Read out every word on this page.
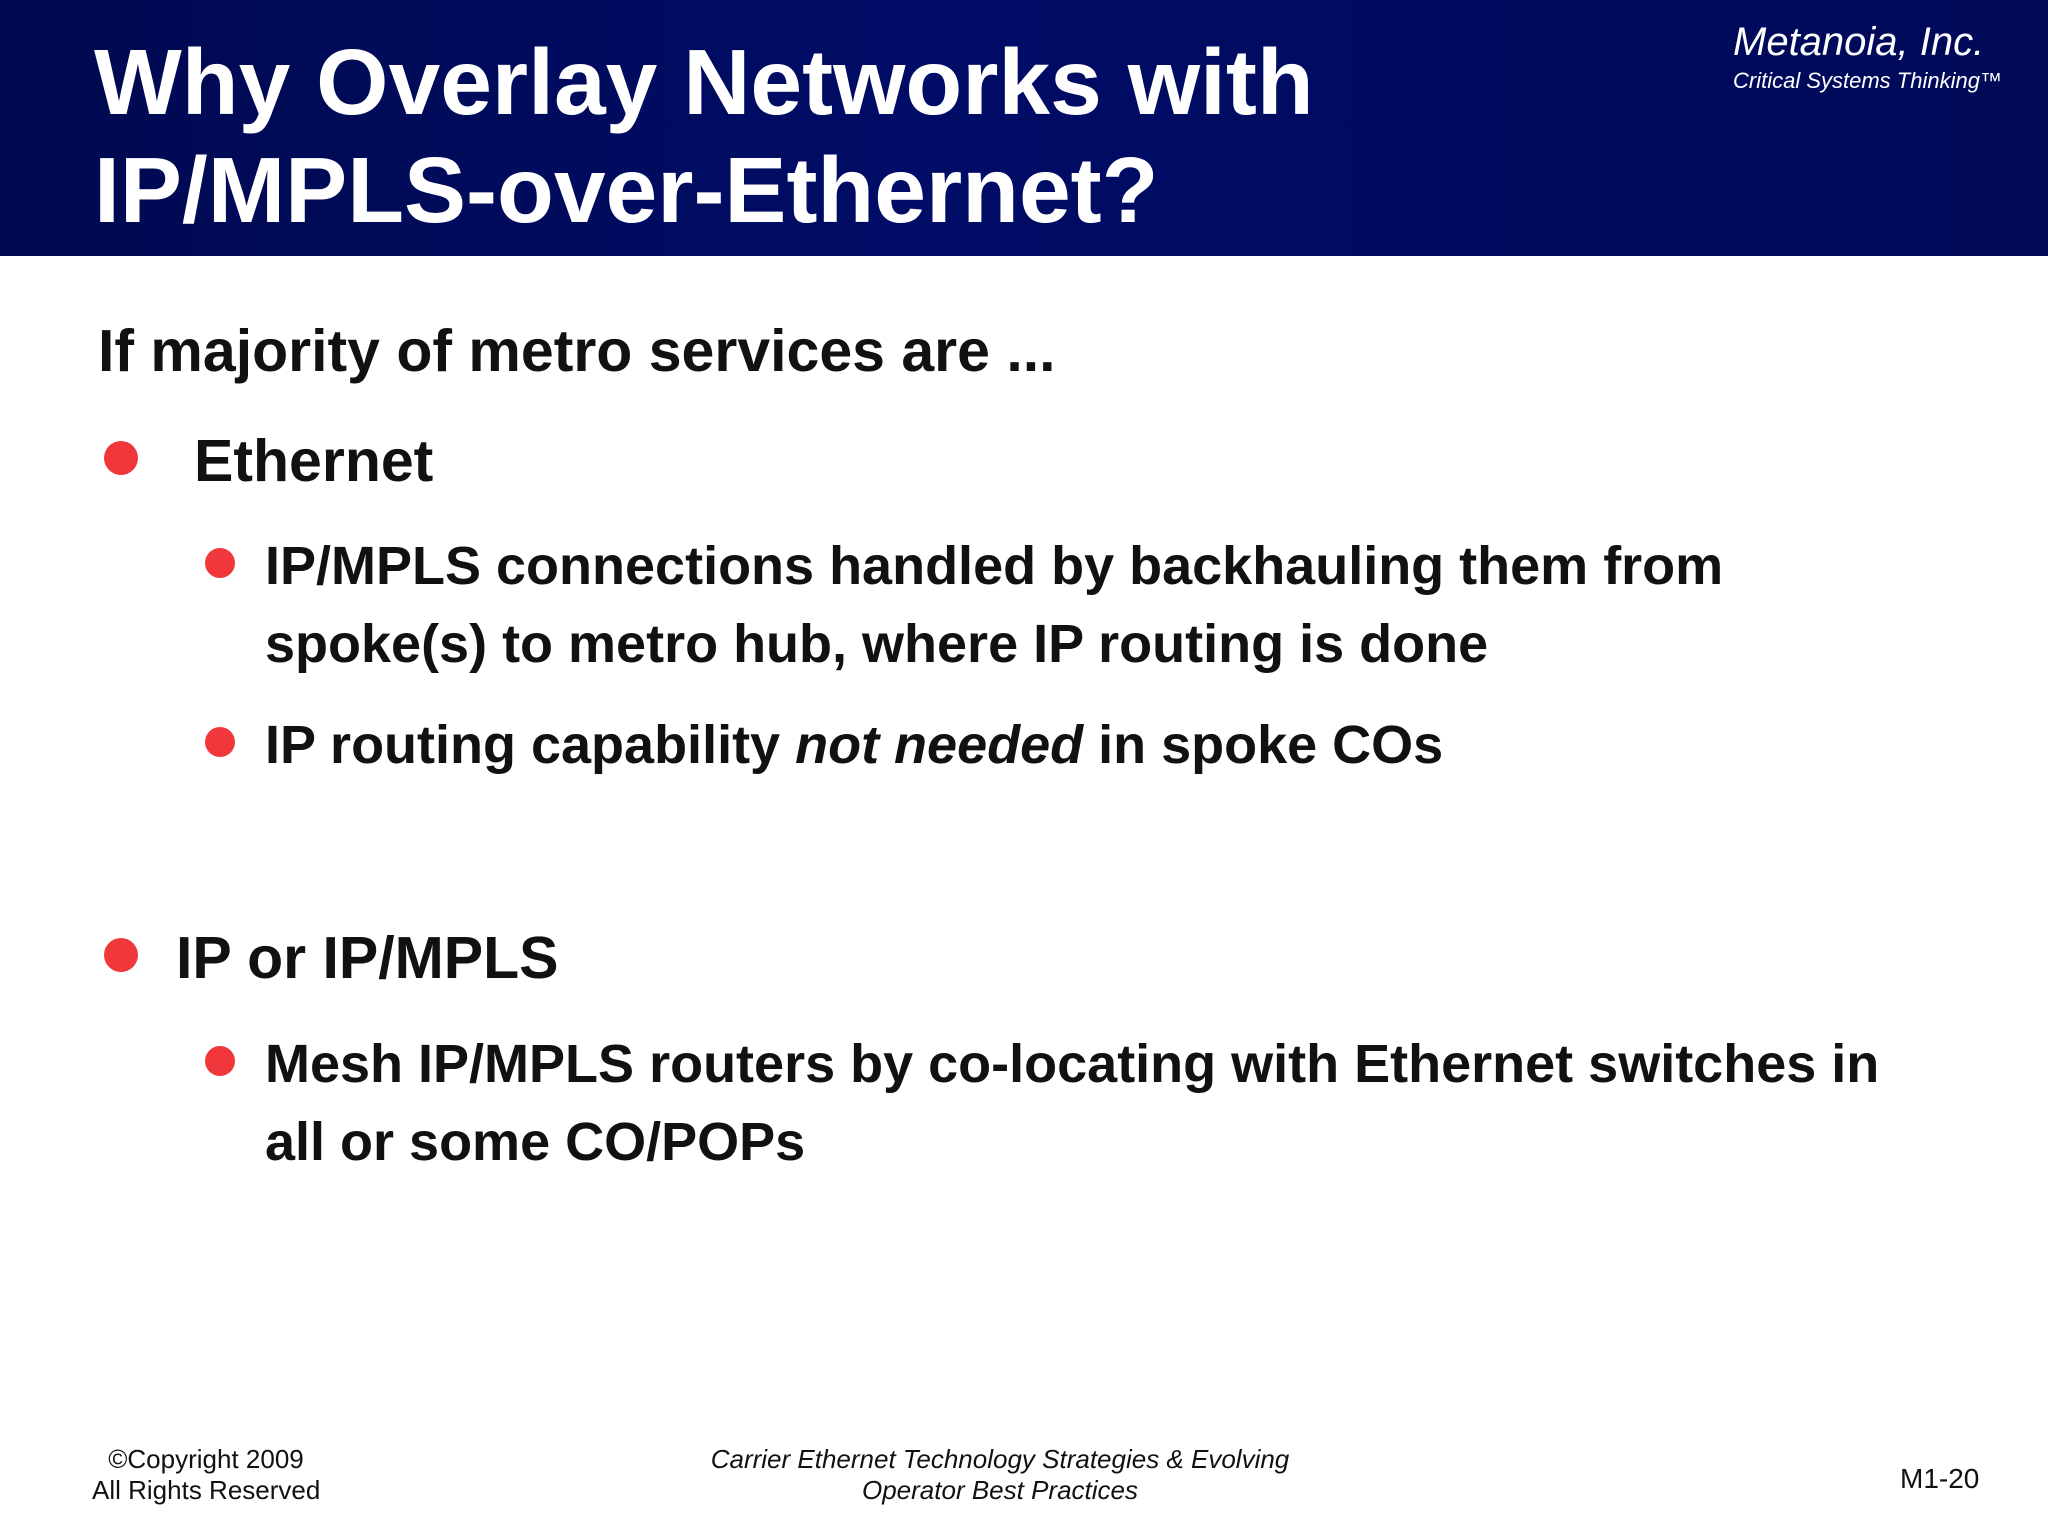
Why Overlay Networks with
IP/MPLS-over-Ethernet?
Metanoia, Inc.
Critical Systems Thinking™
If majority of metro services are ...
Ethernet
IP/MPLS connections handled by backhauling them from
spoke(s) to metro hub, where IP routing is done
IP routing capability not needed in spoke COs
IP or IP/MPLS
Mesh IP/MPLS routers by co-locating with Ethernet switches in
all or some CO/POPs
©Copyright 2009
All Rights Reserved
Carrier Ethernet Technology Strategies & Evolving
Operator Best Practices	M1-20
